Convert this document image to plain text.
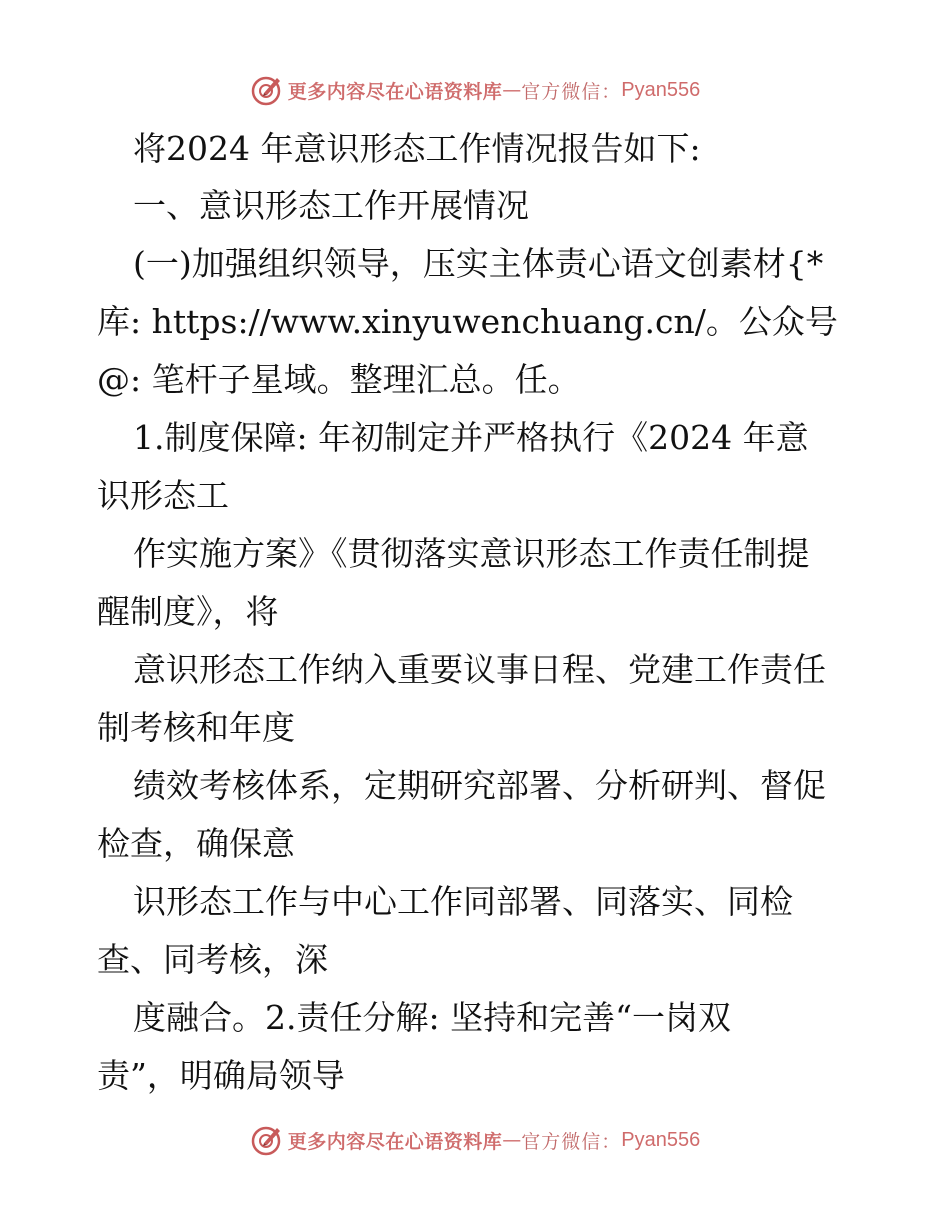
更多内容尽在心语资料库 — 官方微信： Pyan556
将2024 年意识形态工作情况报告如下:
一、意识形态工作开展情况
(一)加强组织领导，压实主体责心语文创素材{*
库: https://www.xinyuwenchuang.cn/。公众号
@: 笔杆子星域。整理汇总。任。
1.制度保障: 年初制定并严格执行《2024 年意
识形态工
作实施方案》《贯彻落实意识形态工作责任制提
醒制度》，将
意识形态工作纳入重要议事日程、党建工作责任
制考核和年度
绩效考核体系，定期研究部署、分析研判、督促
检查，确保意
识形态工作与中心工作同部署、同落实、同检
查、同考核，深
度融合。2.责任分解: 坚持和完善“一岗双
责”，明确局领导
更多内容尽在心语资料库 — 官方微信： Pyan556
